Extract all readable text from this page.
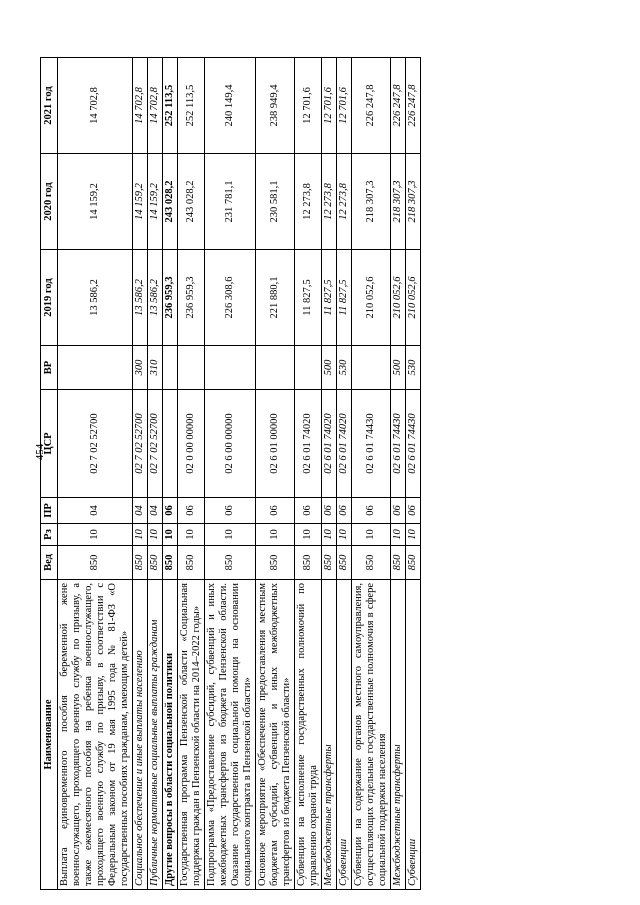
454
Наименование	Вед	Рз	ПР	ЦСР	ВР	2019 год	2020 год	2021 год
Выплата единовременного пособия беременной жене военнослужащего, проходящего военную службу по призыву, а также ежемесячного пособия на ребенка военнослужащего, проходящего военную службу по призыву, в соответствии с Федеральным законом от 19 мая 1995 года № 81-ФЗ «О государственных пособиях гражданам, имеющим детей»	850	10	04	02 7 02 52700		13 586,2	14 159,2	14 702,8
Социальное обеспечение и иные выплаты населению	850	10	04	02 7 02 52700	300	13 586,2	14 159,2	14 702,8
Публичные нормативные социальные выплаты гражданам	850	10	04	02 7 02 52700	310	13 586,2	14 159,2	14 702,8
Другие вопросы в области социальной политики	850	10	06			236 959,3	243 028,2	252 113,5
Государственная программа Пензенской области «Социальная поддержка граждан в Пензенской области на 2014–2022 годы»	850	10	06	02 0 00 00000		236 959,3	243 028,2	252 113,5
Подпрограмма «Предоставление субсидий, субвенций и иных межбюджетных трансфертов из бюджета Пензенской области. Оказание государственной социальной помощи на основании социального контракта в Пензенской области»	850	10	06	02 6 00 00000		226 308,6	231 781,1	240 149,4
Основное мероприятие «Обеспечение предоставления местным бюджетам субсидий, субвенций и иных межбюджетных трансфертов из бюджета Пензенской области»	850	10	06	02 6 01 00000		221 880,1	230 581,1	238 949,4
Субвенции на исполнение государственных полномочий по управлению охраной труда	850	10	06	02 6 01 74020		11 827,5	12 273,8	12 701,6
Межбюджетные трансферты	850	10	06	02 6 01 74020	500	11 827,5	12 273,8	12 701,6
Субвенции	850	10	06	02 6 01 74020	530	11 827,5	12 273,8	12 701,6
Субвенции на содержание органов местного самоуправления, осуществляющих отдельные государственные полномочия в сфере социальной поддержки населения	850	10	06	02 6 01 74430		210 052,6	218 307,3	226 247,8
Межбюджетные трансферты	850	10	06	02 6 01 74430	500	210 052,6	218 307,3	226 247,8
Субвенции	850	10	06	02 6 01 74430	530	210 052,6	218 307,3	226 247,8
